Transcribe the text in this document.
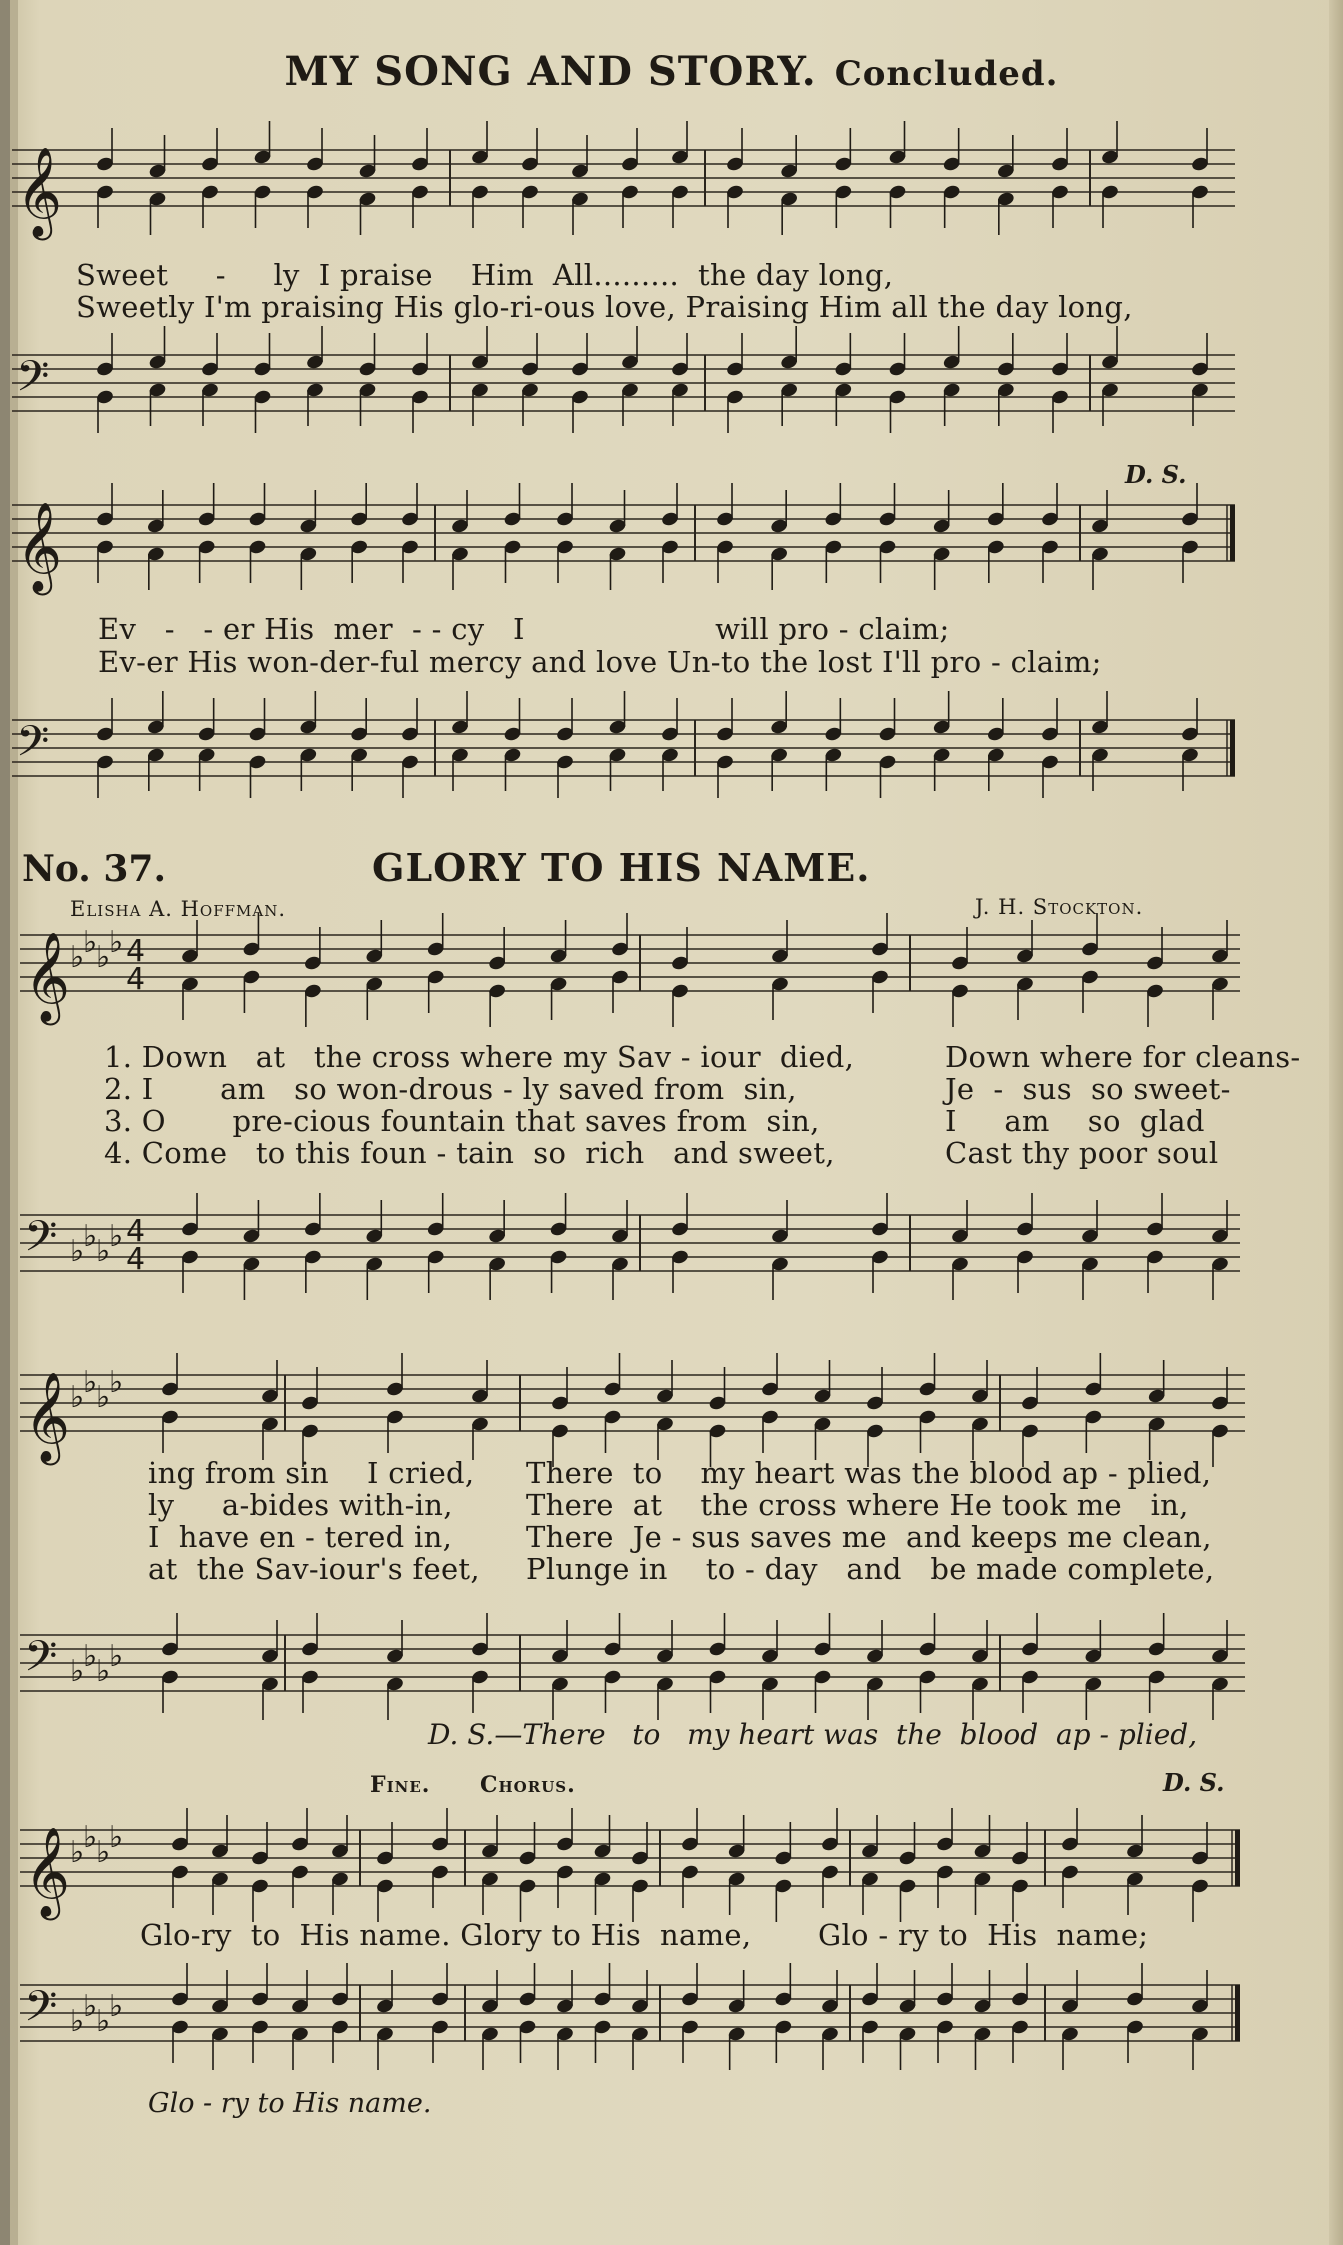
𝄞
𝄢
𝄞
𝄢
𝄞 ♭
♭
♭
♭ 4
4
𝄢 ♭
♭
♭
♭ 4
4
𝄞 ♭
♭
♭
♭
𝄢 ♭
♭
♭
♭
𝄞 ♭
♭
♭
♭
𝄢 ♭
♭
♭
♭
MY SONG AND STORY. Concluded.
Sweet     -     ly  I praise    Him  All.........  the day long,
Sweetly I'm praising His glo-ri-ous love, Praising Him all the day long,
D. S.
Ev   -   - er His  mer  - - cy   I                    will pro - claim;
Ev-er His won-der-ful mercy and love Un-to the lost I'll pro - claim;
No. 37.	GLORY TO HIS NAME.
Elisha A. Hoffman.	J. H. Stockton.
1. Down   at   the cross where my Sav - iour  died,
2. I       am   so won-drous - ly saved from  sin,
3. O       pre-cious fountain that saves from  sin,
4. Come   to this foun - tain  so  rich   and sweet,
Down where for cleans-
Je  -  sus  so sweet-
I     am    so  glad
Cast thy poor soul
ing from sin    I cried,
ly     a-bides with-in,
I  have en - tered in,
at  the Sav-iour's feet,
There  to    my heart was the blood ap - plied,
There  at    the cross where He took me   in,
There  Je - sus saves me  and keeps me clean,
Plunge in    to - day   and   be made complete,
D. S.—There   to   my heart was  the  blood  ap - plied,
Fine. Chorus.	D. S.
Glo-ry  to  His name. Glory to His  name,       Glo - ry to  His  name;
Glo - ry to His name.
